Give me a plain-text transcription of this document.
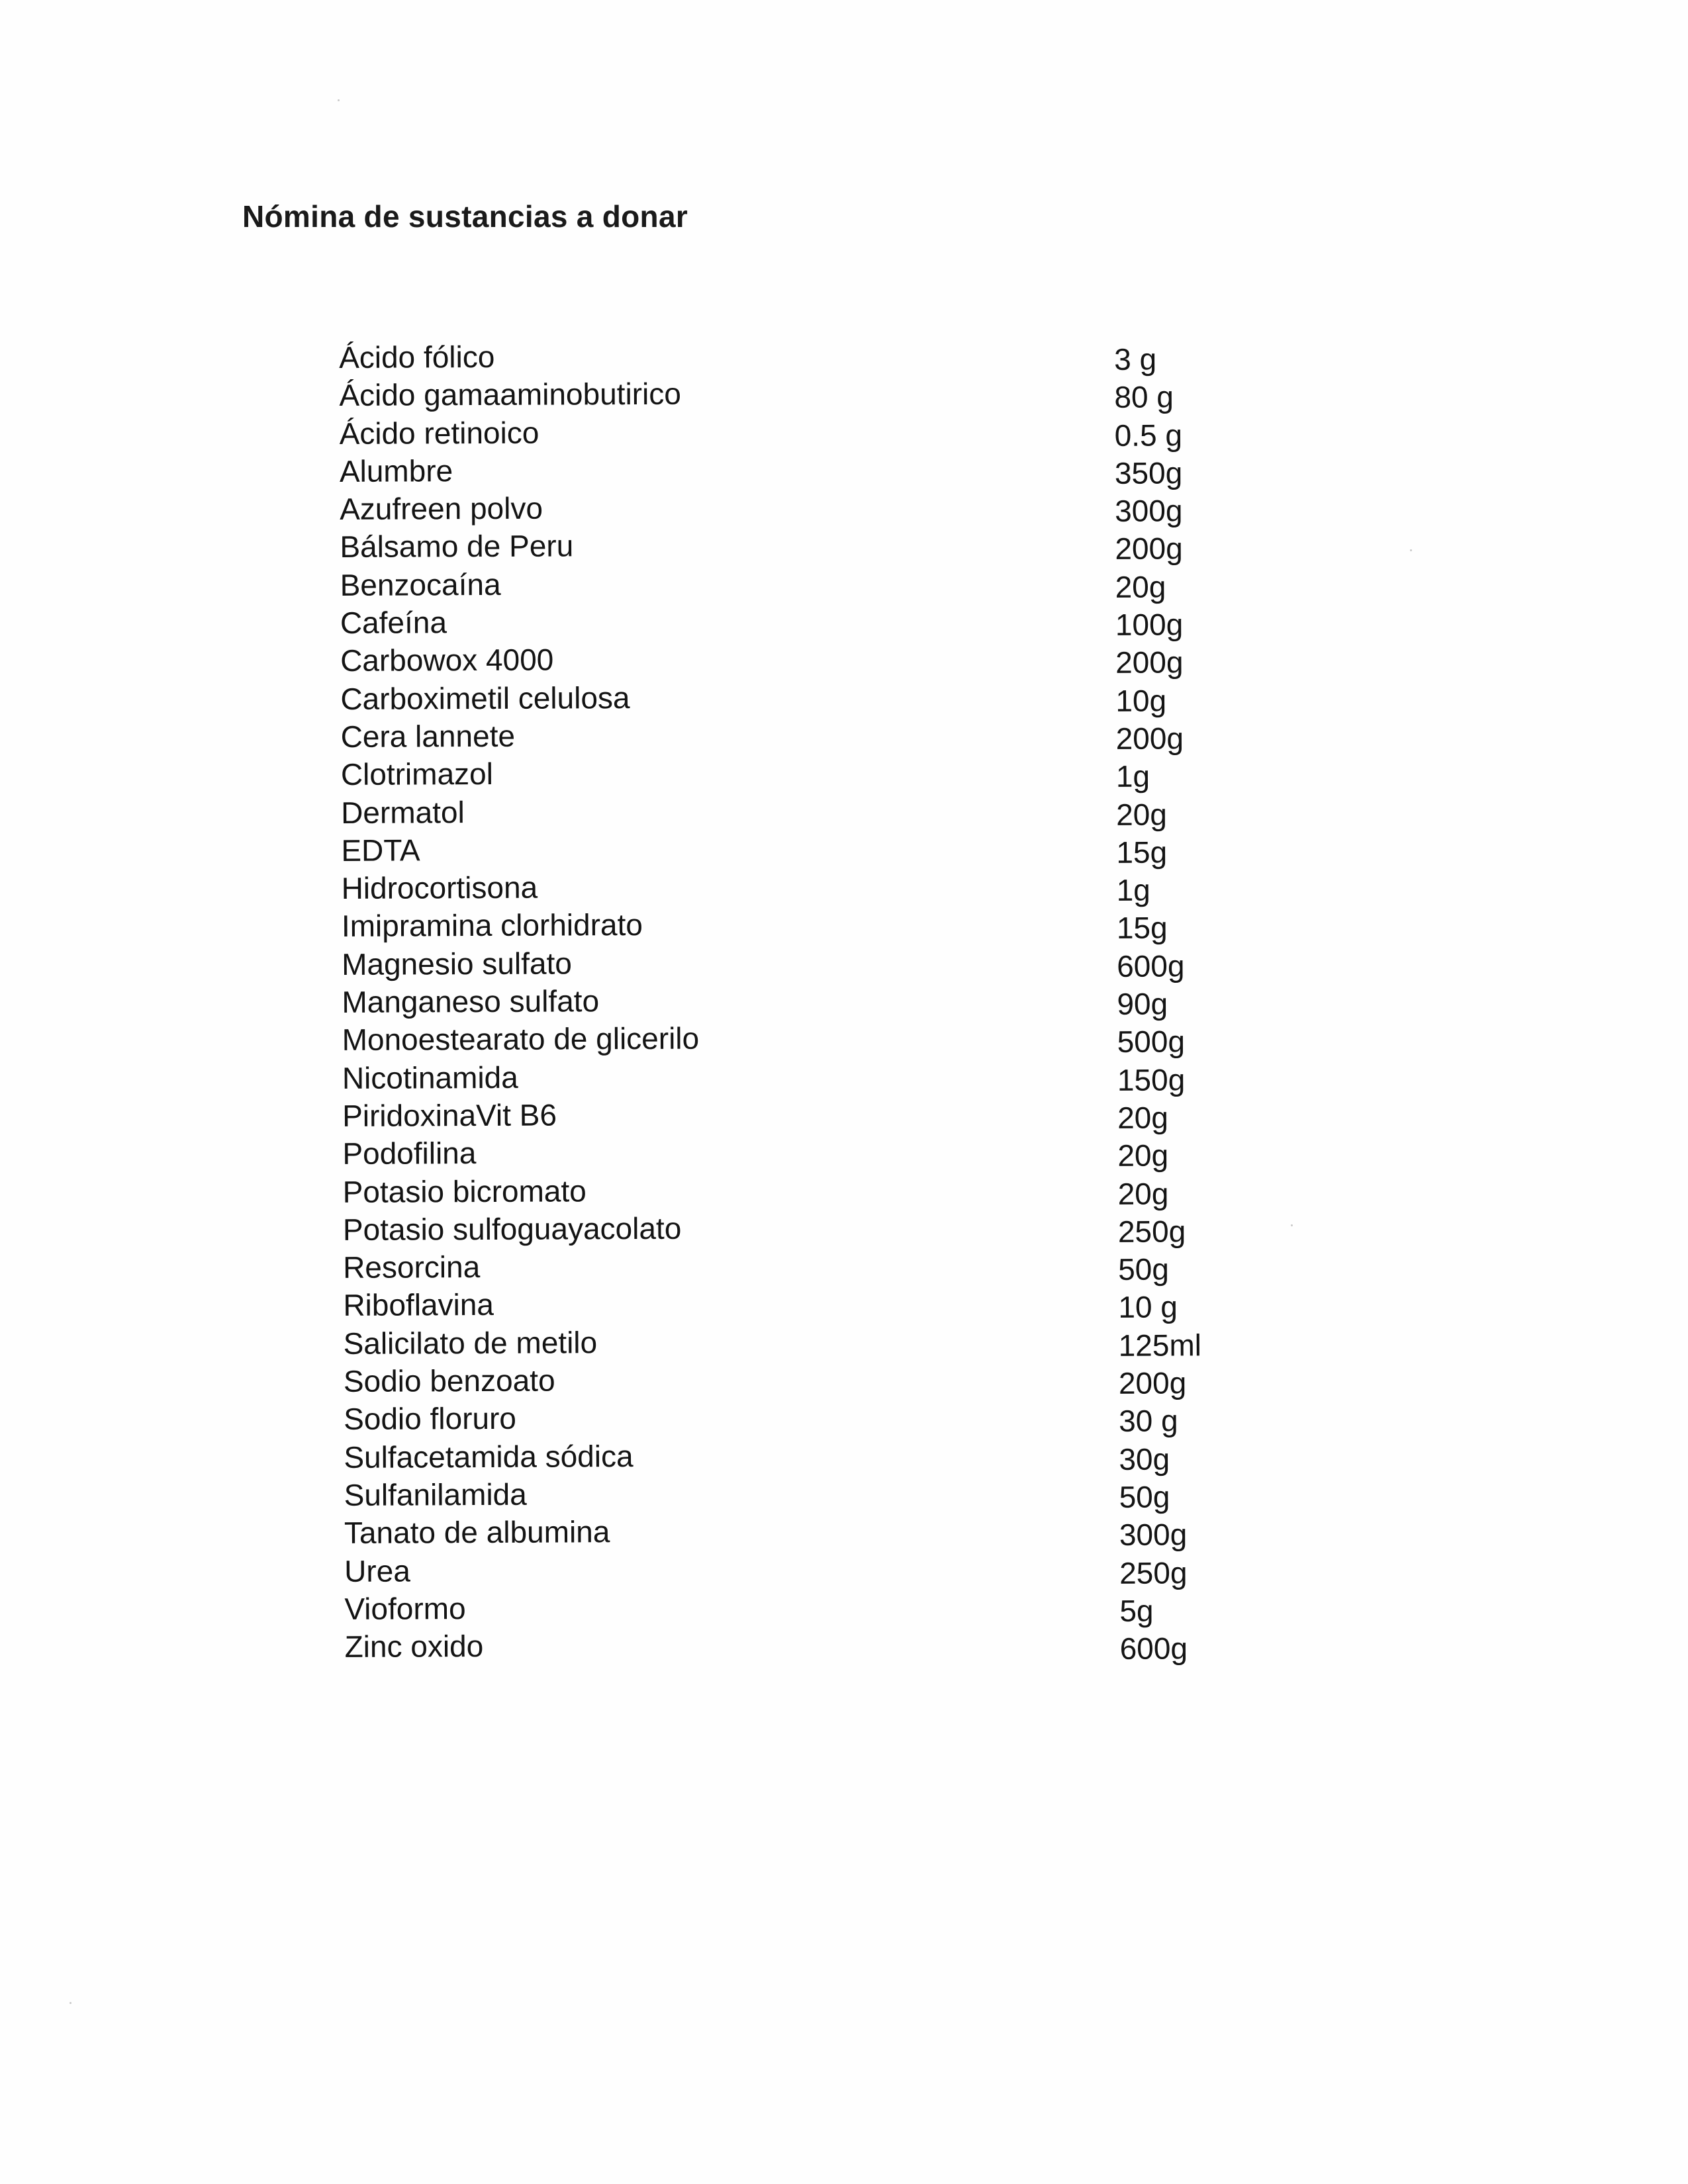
Nómina de sustancias a donar
Ácido fólico	3 g
Ácido gamaaminobutirico	80 g
Ácido retinoico	0.5 g
Alumbre	350g
Azufreen polvo	300g
Bálsamo de Peru	200g
Benzocaína	20g
Cafeína	100g
Carbowox 4000	200g
Carboximetil celulosa	10g
Cera lannete	200g
Clotrimazol	1g
Dermatol	20g
EDTA	15g
Hidrocortisona	1g
Imipramina clorhidrato	15g
Magnesio sulfato	600g
Manganeso sulfato	90g
Monoestearato de glicerilo	500g
Nicotinamida	150g
PiridoxinaVit B6	20g
Podofilina	20g
Potasio bicromato	20g
Potasio sulfoguayacolato	250g
Resorcina	50g
Riboflavina	10 g
Salicilato de metilo	125ml
Sodio benzoato	200g
Sodio floruro	30 g
Sulfacetamida sódica	30g
Sulfanilamida	50g
Tanato de albumina	300g
Urea	250g
Vioformo	5g
Zinc oxido	600g
